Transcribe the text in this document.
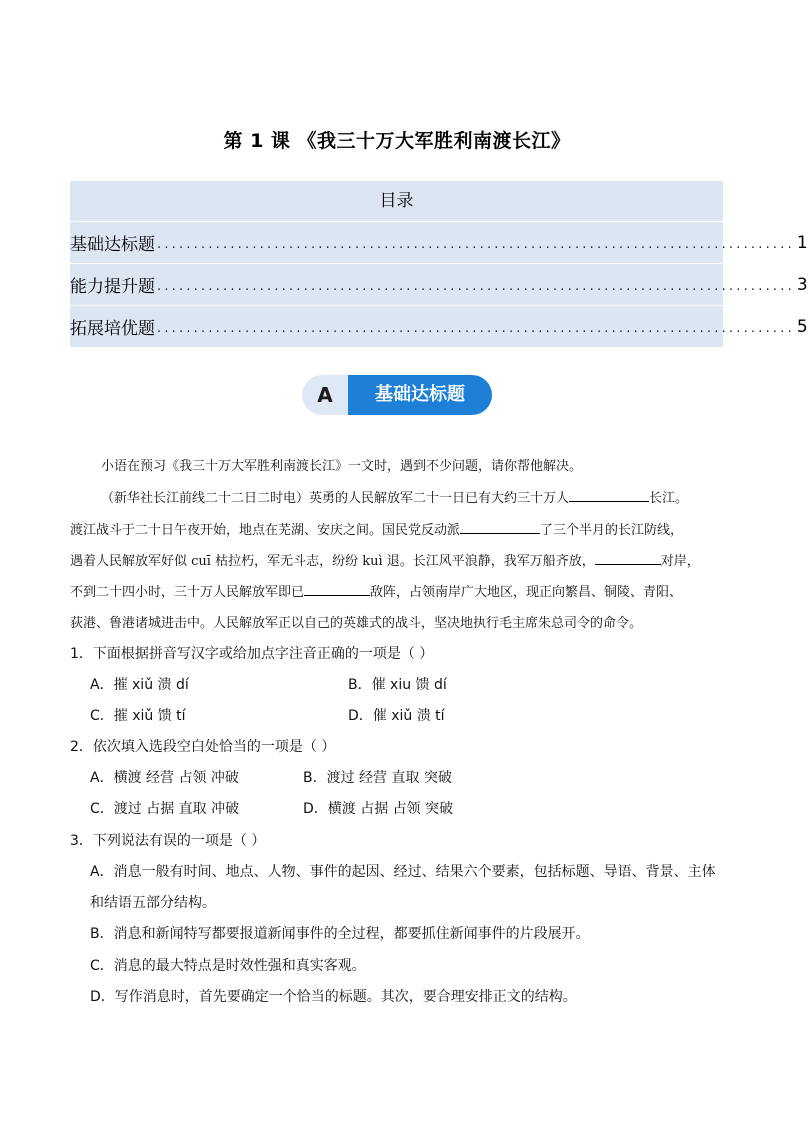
第 1 课 《我三十万大军胜利南渡长江》
目录
基础达标题 ....................................................................................... 1
能力提升题 ....................................................................................... 3
拓展培优题 ....................................................................................... 5
A	基础达标题
小语在预习《我三十万大军胜利南渡长江》一文时，遇到不少问题，请你帮他解决。
（新华社长江前线二十二日二时电）英勇的人民解放军二十一日已有大约三十万人	长江。
渡江战斗于二十日午夜开始，地点在芜湖、安庆之间。国民党反动派	了三个半月的长江防线，
遇着人民解放军好似 cuī 枯拉朽，军无斗志，纷纷 kuì 退。长江风平浪静，我军万船齐放，	对岸，
不到二十四小时，三十万人民解放军即已	敌阵，占领南岸广大地区，现正向繁昌、铜陵、青阳、
荻港、鲁港诸城进击中。人民解放军正以自己的英雄式的战斗，坚决地执行毛主席朱总司令的命令。
1．下面根据拼音写汉字或给加点字注音正确的一项是（ ）
A．摧 xiǔ 溃 dí	B．催 xiu 馈 dí
C．摧 xiǔ 馈 tí	D．催 xiǔ 溃 tí
2．依次填入选段空白处恰当的一项是（ ）
A．横渡 经营 占领 冲破	B．渡过 经营 直取 突破
C．渡过 占据 直取 冲破	D．横渡 占据 占领 突破
3．下列说法有误的一项是（ ）
A．消息一般有时间、地点、人物、事件的起因、经过、结果六个要素，包括标题、导语、背景、主体
和结语五部分结构。
B．消息和新闻特写都要报道新闻事件的全过程，都要抓住新闻事件的片段展开。
C．消息的最大特点是时效性强和真实客观。
D．写作消息时，首先要确定一个恰当的标题。其次，要合理安排正文的结构。
